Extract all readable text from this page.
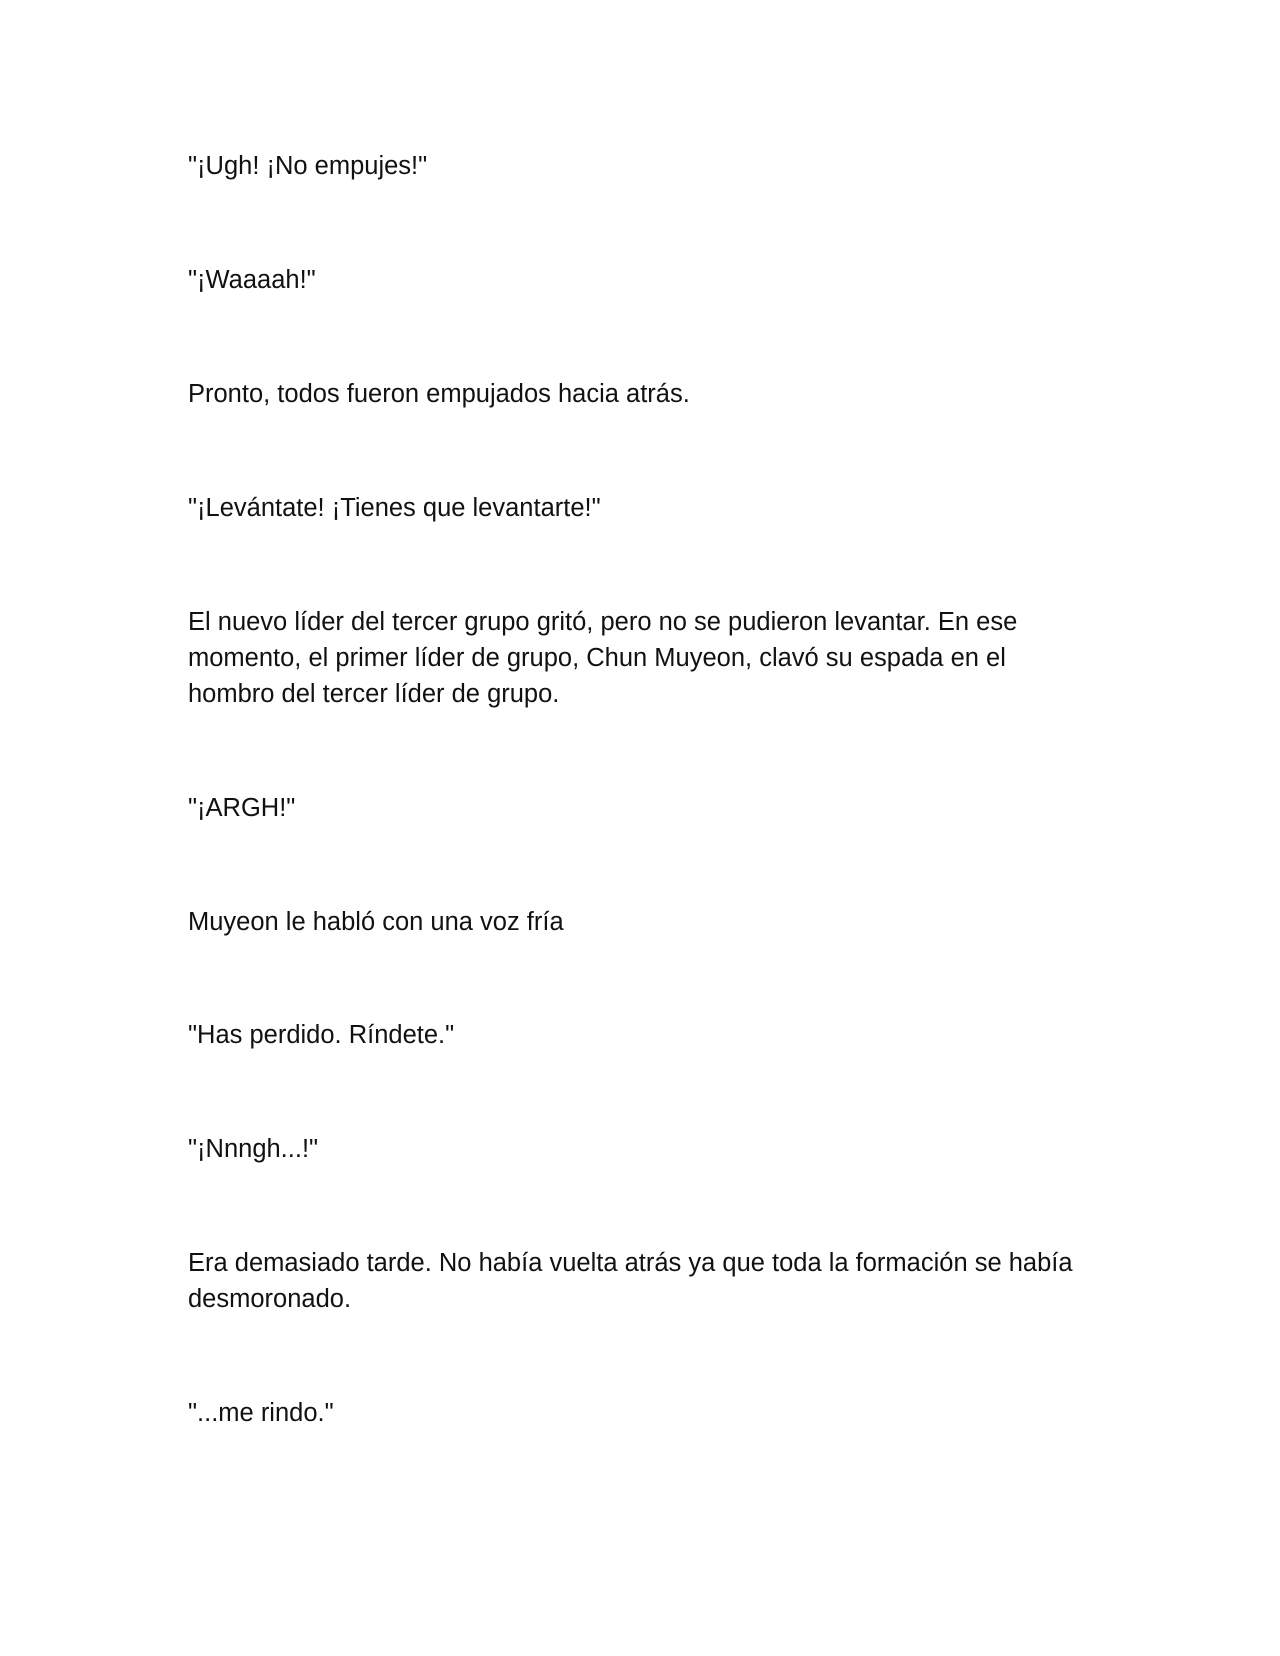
"¡Ugh! ¡No empujes!"

"¡Waaaah!"

Pronto, todos fueron empujados hacia atrás.

"¡Levántate! ¡Tienes que levantarte!"

El nuevo líder del tercer grupo gritó, pero no se pudieron levantar. En ese momento, el primer líder de grupo, Chun Muyeon, clavó su espada en el hombro del tercer líder de grupo.

"¡ARGH!"

Muyeon le habló con una voz fría

"Has perdido. Ríndete."

"¡Nnngh...!"

Era demasiado tarde. No había vuelta atrás ya que toda la formación se había desmoronado.

"...me rindo."
